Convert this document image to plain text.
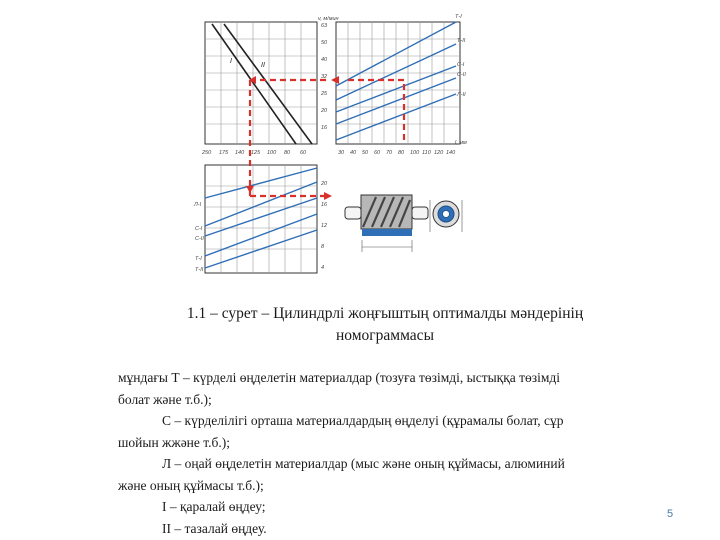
I
II
v, м/мин
63
50
40
32
25
20
16
250 175 140 125 100 80 60
Т-I
Т-II
С-I
С-II
Л-II
l, мм
30 40 50 60 70 80 100 110 120 140
Л-I
С-I
С-II
Т-I
Т-II
20
16
12
8
4
1.1 – сурет – Цилиндрлі жоңғыштың оптималды мәндерінің
номограммасы

мұндағы Т – күрделі өңделетін материалдар (тозуға төзімді, ыстыққа төзімді

болат және т.б.);

С – күрделілігі орташа материалдардың өңделуі (құрамалы болат, сұр

шойын жжәне т.б.);

Л – оңай өңделетін материалдар (мыс және оның құймасы, алюминий

және оның құймасы т.б.);

I – қаралай өңдеу;

II – тазалай өңдеу.

5
